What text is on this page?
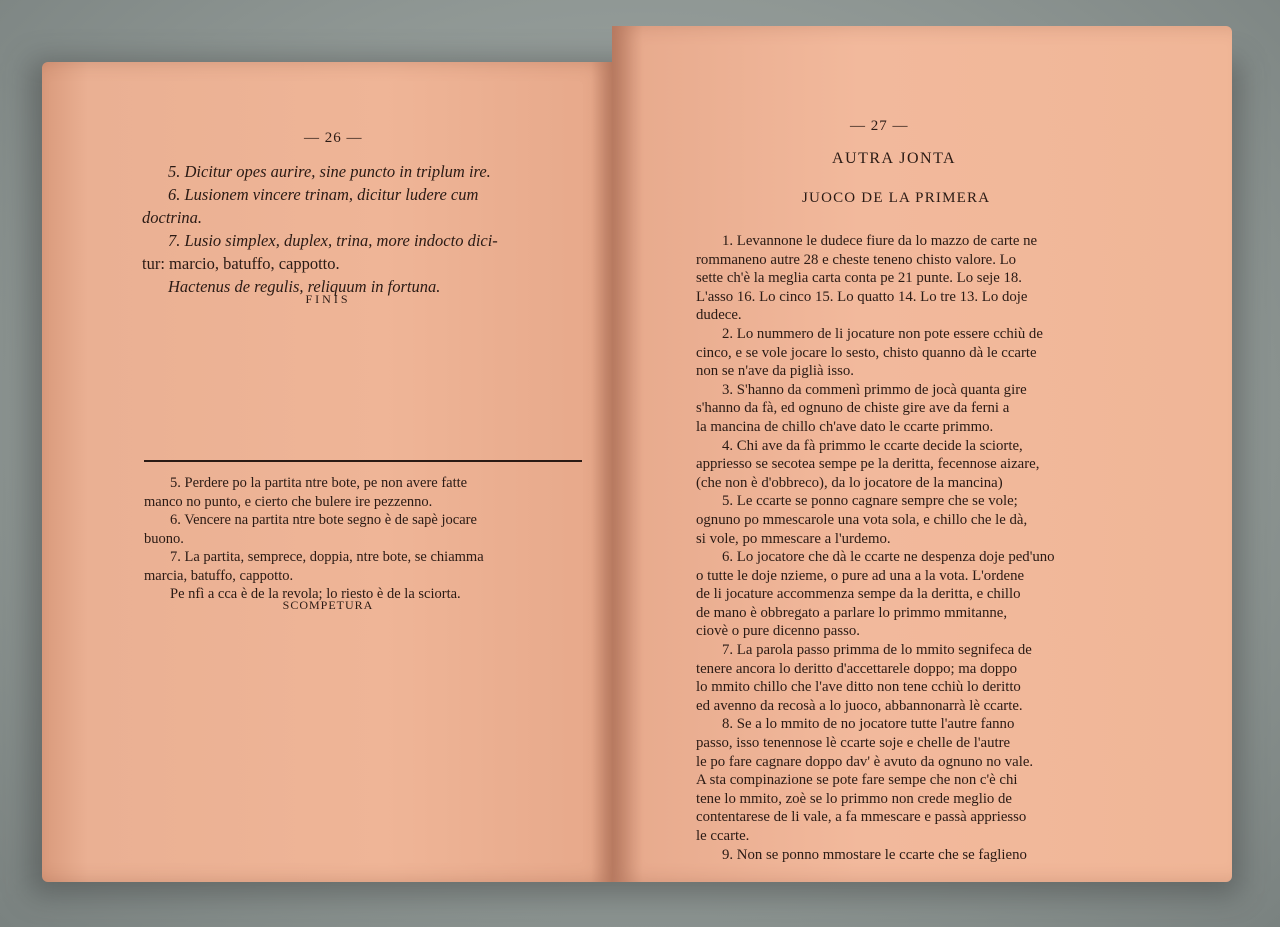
— 26 —

5. Dicitur opes aurire, sine puncto in triplum ire.

6. Lusionem vincere trinam, dicitur ludere cum

doctrina.

7. Lusio simplex, duplex, trina, more indocto dici-

tur: marcio, batuffo, cappotto.

Hactenus de regulis, reliquum in fortuna.

FINIS

5. Perdere po la partita ntre bote, pe non avere fatte

manco no punto, e cierto che bulere ire pezzenno.

6. Vencere na partita ntre bote segno è de sapè jocare

buono.

7. La partita, semprece, doppia, ntre bote, se chiamma

marcia, batuffo, cappotto.

Pe nfì a cca è de la revola; lo riesto è de la sciorta.

SCOMPETURA
— 27 —
AUTRA JONTA
JUOCO DE LA PRIMERA

1. Levannone le dudece fiure da lo mazzo de carte ne

rommaneno autre 28 e cheste teneno chisto valore. Lo

sette ch'è la meglia carta conta pe 21 punte. Lo seje 18.

L'asso 16. Lo cinco 15. Lo quatto 14. Lo tre 13. Lo doje

dudece.

2. Lo nummero de li jocature non pote essere cchiù de

cinco, e se vole jocare lo sesto, chisto quanno dà le ccarte

non se n'ave da piglià isso.

3. S'hanno da commenì primmo de jocà quanta gire

s'hanno da fà, ed ognuno de chiste gire ave da ferni a

la mancina de chillo ch'ave dato le ccarte primmo.

4. Chi ave da fà primmo le ccarte decide la sciorte,

appriesso se secotea sempe pe la deritta, fecennose aizare,

(che non è d'obbreco), da lo jocatore de la mancina)

5. Le ccarte se ponno cagnare sempre che se vole;

ognuno po mmescarole una vota sola, e chillo che le dà,

si vole, po mmescare a l'urdemo.

6. Lo jocatore che dà le ccarte ne despenza doje ped'uno

o tutte le doje nzieme, o pure ad una a la vota. L'ordene

de li jocature accommenza sempe da la deritta, e chillo

de mano è obbregato a parlare lo primmo mmitanne,

ciovè o pure dicenno passo.

7. La parola passo primma de lo mmito segnifeca de

tenere ancora lo deritto d'accettarele doppo; ma doppo

lo mmito chillo che l'ave ditto non tene cchiù lo deritto

ed avenno da recosà a lo juoco, abbannonarrà lè ccarte.

8. Se a lo mmito de no jocatore tutte l'autre fanno

passo, isso tenennose lè ccarte soje e chelle de l'autre

le po fare cagnare doppo dav' è avuto da ognuno no vale.

A sta compinazione se pote fare sempe che non c'è chi

tene lo mmito, zoè se lo primmo non crede meglio de

contentarese de li vale, a fa mmescare e passà appriesso

le ccarte.

9. Non se ponno mmostare le ccarte che se faglieno
